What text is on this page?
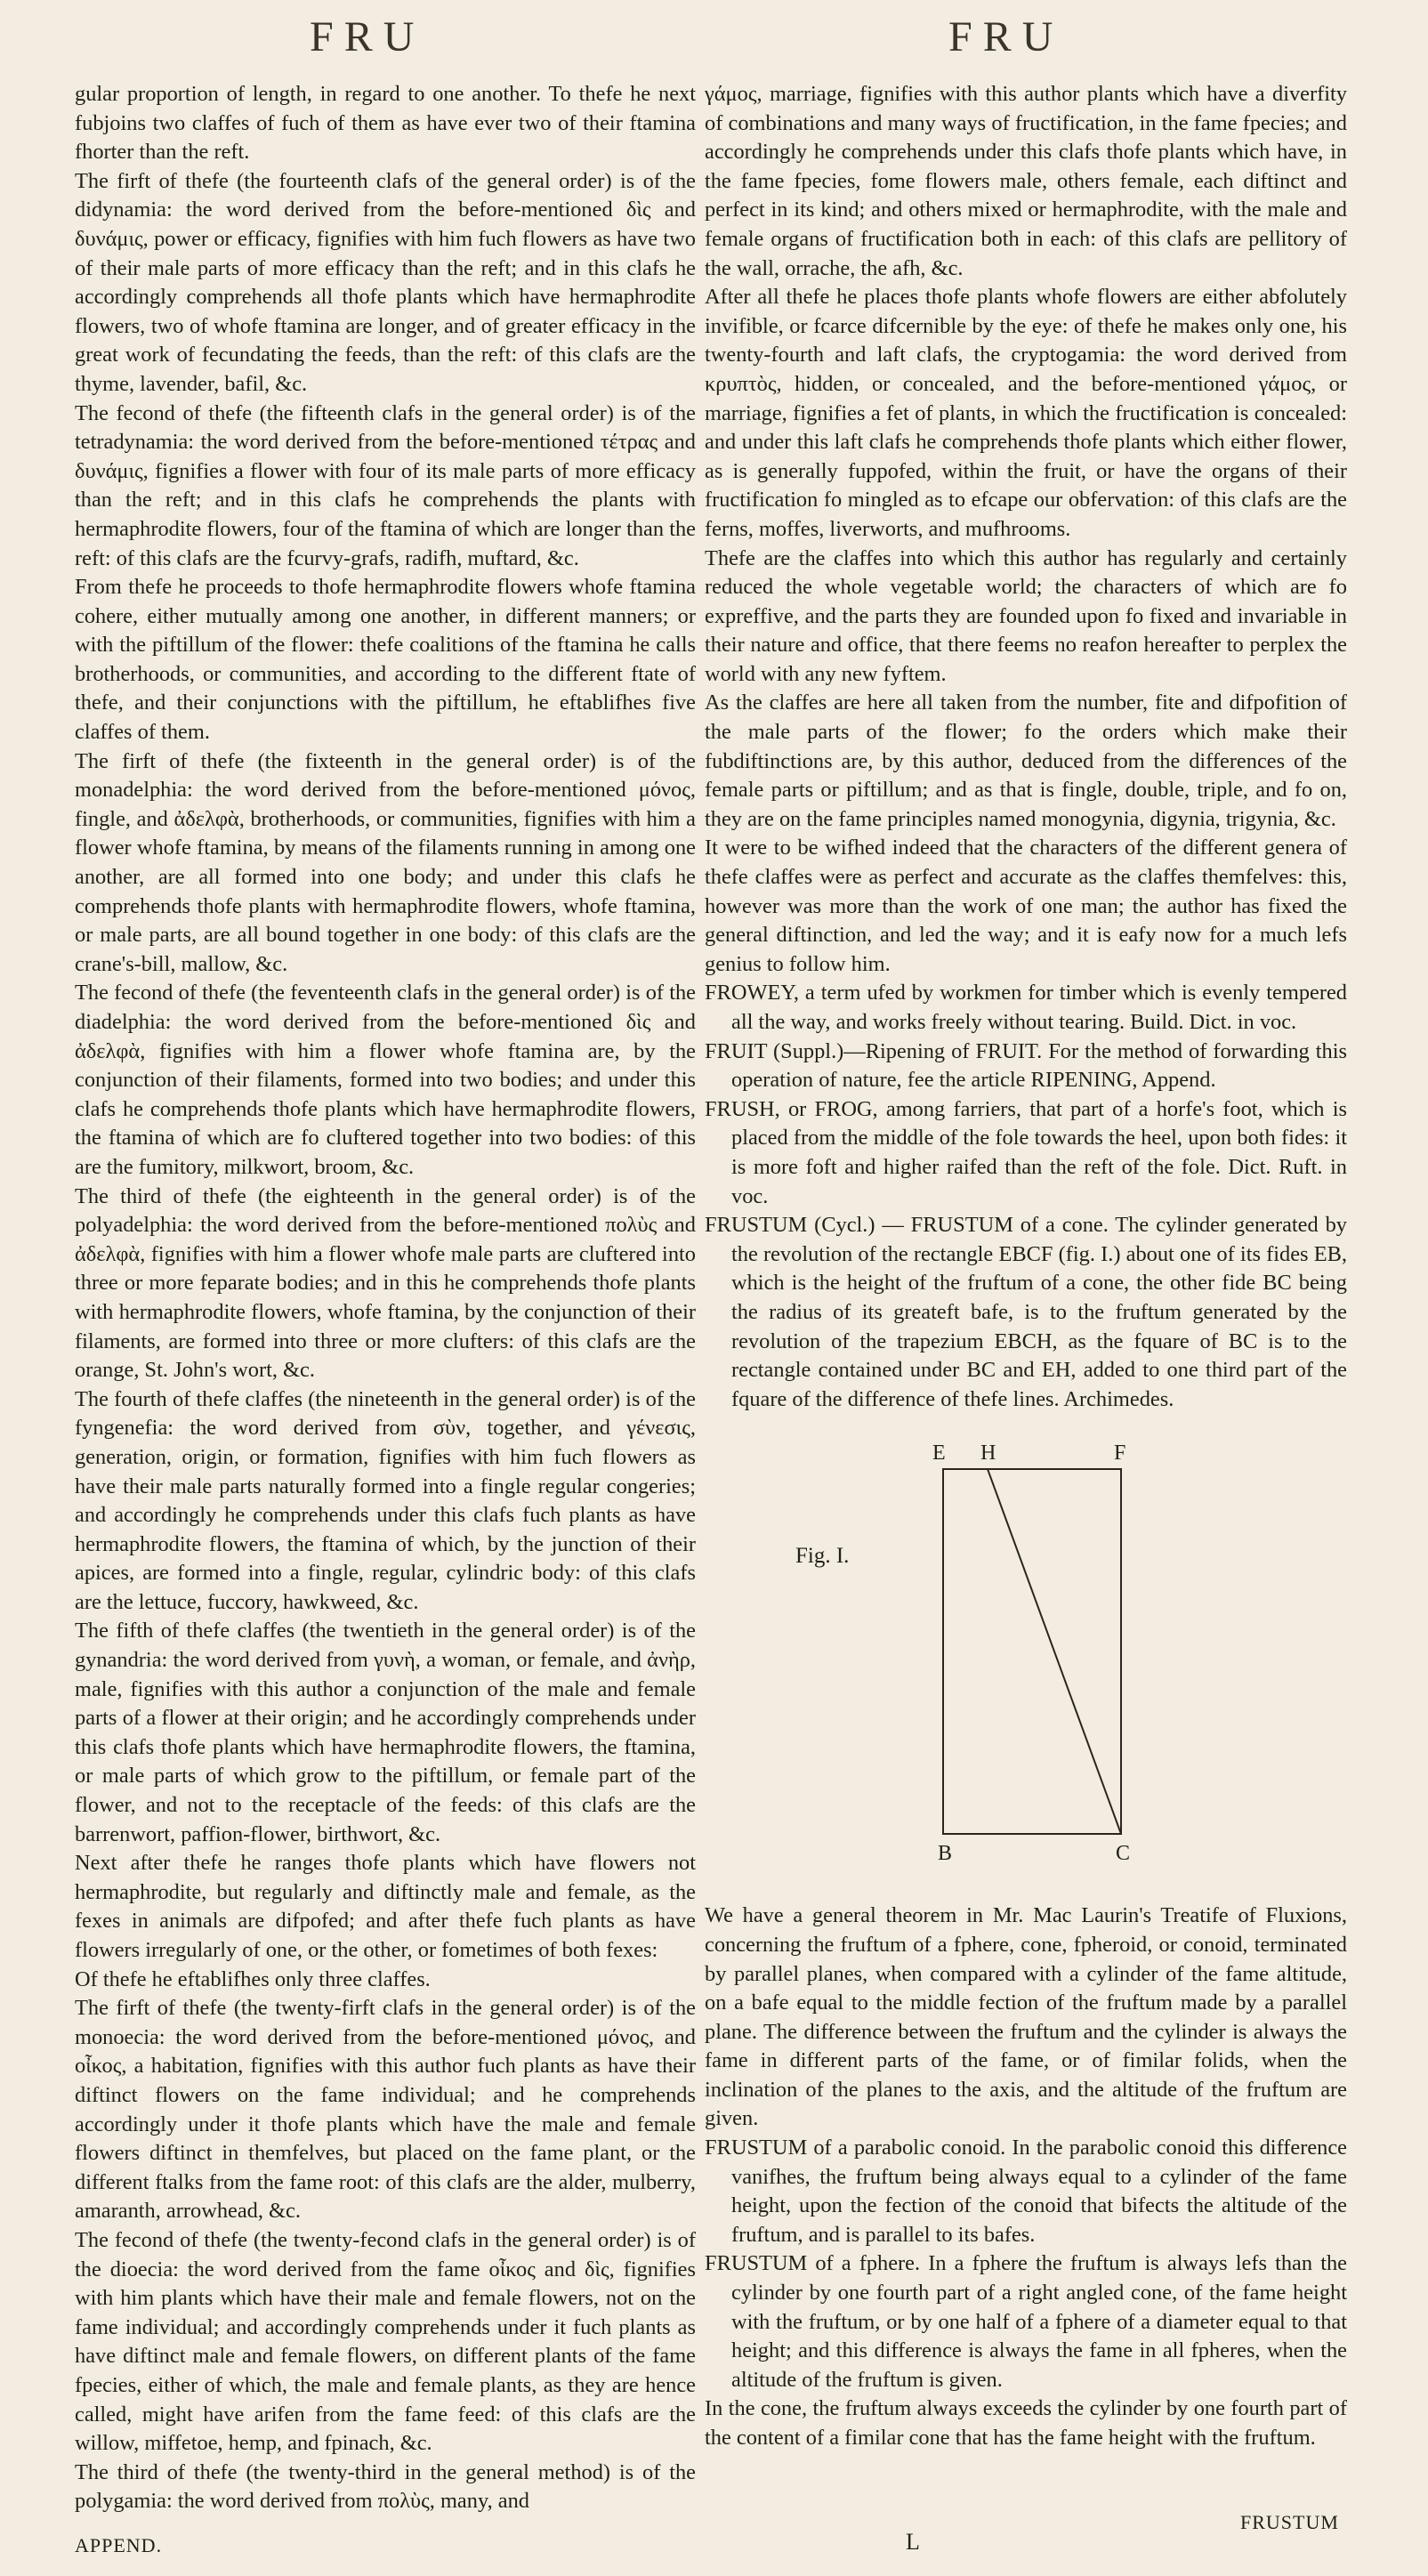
FRU	FRU

gular proportion of length, in regard to one another. To thefe he next fubjoins two claffes of fuch of them as have ever two of their ftamina fhorter than the reft.

The firft of thefe (the fourteenth clafs of the general order) is of the didynamia: the word derived from the before-mentioned δὶς and δυνάμις, power or efficacy, fignifies with him fuch flowers as have two of their male parts of more efficacy than the reft; and in this clafs he accordingly comprehends all thofe plants which have hermaphrodite flowers, two of whofe ftamina are longer, and of greater efficacy in the great work of fecundating the feeds, than the reft: of this clafs are the thyme, lavender, bafil, &c.

The fecond of thefe (the fifteenth clafs in the general order) is of the tetradynamia: the word derived from the before-mentioned τέτρας and δυνάμις, fignifies a flower with four of its male parts of more efficacy than the reft; and in this clafs he comprehends the plants with hermaphrodite flowers, four of the ftamina of which are longer than the reft: of this clafs are the fcurvy-grafs, radifh, muftard, &c.

From thefe he proceeds to thofe hermaphrodite flowers whofe ftamina cohere, either mutually among one another, in different manners; or with the piftillum of the flower: thefe coalitions of the ftamina he calls brotherhoods, or communities, and according to the different ftate of thefe, and their conjunctions with the piftillum, he eftablifhes five claffes of them.

The firft of thefe (the fixteenth in the general order) is of the monadelphia: the word derived from the before-mentioned μόνος, fingle, and ἀδελφὰ, brotherhoods, or communities, fignifies with him a flower whofe ftamina, by means of the filaments running in among one another, are all formed into one body; and under this clafs he comprehends thofe plants with hermaphrodite flowers, whofe ftamina, or male parts, are all bound together in one body: of this clafs are the crane's-bill, mallow, &c.

The fecond of thefe (the feventeenth clafs in the general order) is of the diadelphia: the word derived from the before-mentioned δὶς and ἀδελφὰ, fignifies with him a flower whofe ftamina are, by the conjunction of their filaments, formed into two bodies; and under this clafs he comprehends thofe plants which have hermaphrodite flowers, the ftamina of which are fo cluftered together into two bodies: of this are the fumitory, milkwort, broom, &c.

The third of thefe (the eighteenth in the general order) is of the polyadelphia: the word derived from the before-mentioned πολὺς and ἀδελφὰ, fignifies with him a flower whofe male parts are cluftered into three or more feparate bodies; and in this he comprehends thofe plants with hermaphrodite flowers, whofe ftamina, by the conjunction of their filaments, are formed into three or more clufters: of this clafs are the orange, St. John's wort, &c.

The fourth of thefe claffes (the nineteenth in the general order) is of the fyngenefia: the word derived from σὺν, together, and γένεσις, generation, origin, or formation, fignifies with him fuch flowers as have their male parts naturally formed into a fingle regular congeries; and accordingly he comprehends under this clafs fuch plants as have hermaphrodite flowers, the ftamina of which, by the junction of their apices, are formed into a fingle, regular, cylindric body: of this clafs are the lettuce, fuccory, hawkweed, &c.

The fifth of thefe claffes (the twentieth in the general order) is of the gynandria: the word derived from γυνὴ, a woman, or female, and ἀνὴρ, male, fignifies with this author a conjunction of the male and female parts of a flower at their origin; and he accordingly comprehends under this clafs thofe plants which have hermaphrodite flowers, the ftamina, or male parts of which grow to the piftillum, or female part of the flower, and not to the receptacle of the feeds: of this clafs are the barrenwort, paffion-flower, birthwort, &c.

Next after thefe he ranges thofe plants which have flowers not hermaphrodite, but regularly and diftinctly male and female, as the fexes in animals are difpofed; and after thefe fuch plants as have flowers irregularly of one, or the other, or fometimes of both fexes:

Of thefe he eftablifhes only three claffes.

The firft of thefe (the twenty-firft clafs in the general order) is of the monoecia: the word derived from the before-mentioned μόνος, and οἶκος, a habitation, fignifies with this author fuch plants as have their diftinct flowers on the fame individual; and he comprehends accordingly under it thofe plants which have the male and female flowers diftinct in themfelves, but placed on the fame plant, or the different ftalks from the fame root: of this clafs are the alder, mulberry, amaranth, arrowhead, &c.

The fecond of thefe (the twenty-fecond clafs in the general order) is of the dioecia: the word derived from the fame οἶκος and δὶς, fignifies with him plants which have their male and female flowers, not on the fame individual; and accordingly comprehends under it fuch plants as have diftinct male and female flowers, on different plants of the fame fpecies, either of which, the male and female plants, as they are hence called, might have arifen from the fame feed: of this clafs are the willow, miffetoe, hemp, and fpinach, &c.

The third of thefe (the twenty-third in the general method) is of the polygamia: the word derived from πολὺς, many, and

γάμος, marriage, fignifies with this author plants which have a diverfity of combinations and many ways of fructification, in the fame fpecies; and accordingly he comprehends under this clafs thofe plants which have, in the fame fpecies, fome flowers male, others female, each diftinct and perfect in its kind; and others mixed or hermaphrodite, with the male and female organs of fructification both in each: of this clafs are pellitory of the wall, orrache, the afh, &c.

After all thefe he places thofe plants whofe flowers are either abfolutely invifible, or fcarce difcernible by the eye: of thefe he makes only one, his twenty-fourth and laft clafs, the cryptogamia: the word derived from κρυπτὸς, hidden, or concealed, and the before-mentioned γάμος, or marriage, fignifies a fet of plants, in which the fructification is concealed: and under this laft clafs he comprehends thofe plants which either flower, as is generally fuppofed, within the fruit, or have the organs of their fructification fo mingled as to efcape our obfervation: of this clafs are the ferns, moffes, liverworts, and mufhrooms.

Thefe are the claffes into which this author has regularly and certainly reduced the whole vegetable world; the characters of which are fo expreffive, and the parts they are founded upon fo fixed and invariable in their nature and office, that there feems no reafon hereafter to perplex the world with any new fyftem.

As the claffes are here all taken from the number, fite and difpofition of the male parts of the flower; fo the orders which make their fubdiftinctions are, by this author, deduced from the differences of the female parts or piftillum; and as that is fingle, double, triple, and fo on, they are on the fame principles named monogynia, digynia, trigynia, &c.

It were to be wifhed indeed that the characters of the different genera of thefe claffes were as perfect and accurate as the claffes themfelves: this, however was more than the work of one man; the author has fixed the general diftinction, and led the way; and it is eafy now for a much lefs genius to follow him.

FROWEY, a term ufed by workmen for timber which is evenly tempered all the way, and works freely without tearing. Build. Dict. in voc.

FRUIT (Suppl.)—Ripening of FRUIT. For the method of forwarding this operation of nature, fee the article RIPENING, Append.

FRUSH, or FROG, among farriers, that part of a horfe's foot, which is placed from the middle of the fole towards the heel, upon both fides: it is more foft and higher raifed than the reft of the fole. Dict. Ruft. in voc.

FRUSTUM (Cycl.) — FRUSTUM of a cone. The cylinder generated by the revolution of the rectangle EBCF (fig. I.) about one of its fides EB, which is the height of the fruftum of a cone, the other fide BC being the radius of its greateft bafe, is to the fruftum generated by the revolution of the trapezium EBCH, as the fquare of BC is to the rectangle contained under BC and EH, added to one third part of the fquare of the difference of thefe lines. Archimedes.

Fig. I.
E H	F
B	C

We have a general theorem in Mr. Mac Laurin's Treatife of Fluxions, concerning the fruftum of a fphere, cone, fpheroid, or conoid, terminated by parallel planes, when compared with a cylinder of the fame altitude, on a bafe equal to the middle fection of the fruftum made by a parallel plane. The difference between the fruftum and the cylinder is always the fame in different parts of the fame, or of fimilar folids, when the inclination of the planes to the axis, and the altitude of the fruftum are given.

FRUSTUM of a parabolic conoid. In the parabolic conoid this difference vanifhes, the fruftum being always equal to a cylinder of the fame height, upon the fection of the conoid that bifects the altitude of the fruftum, and is parallel to its bafes.

FRUSTUM of a fphere. In a fphere the fruftum is always lefs than the cylinder by one fourth part of a right angled cone, of the fame height with the fruftum, or by one half of a fphere of a diameter equal to that height; and this difference is always the fame in all fpheres, when the altitude of the fruftum is given.

In the cone, the fruftum always exceeds the cylinder by one fourth part of the content of a fimilar cone that has the fame height with the fruftum.

APPEND.	L
FRUSTUM
